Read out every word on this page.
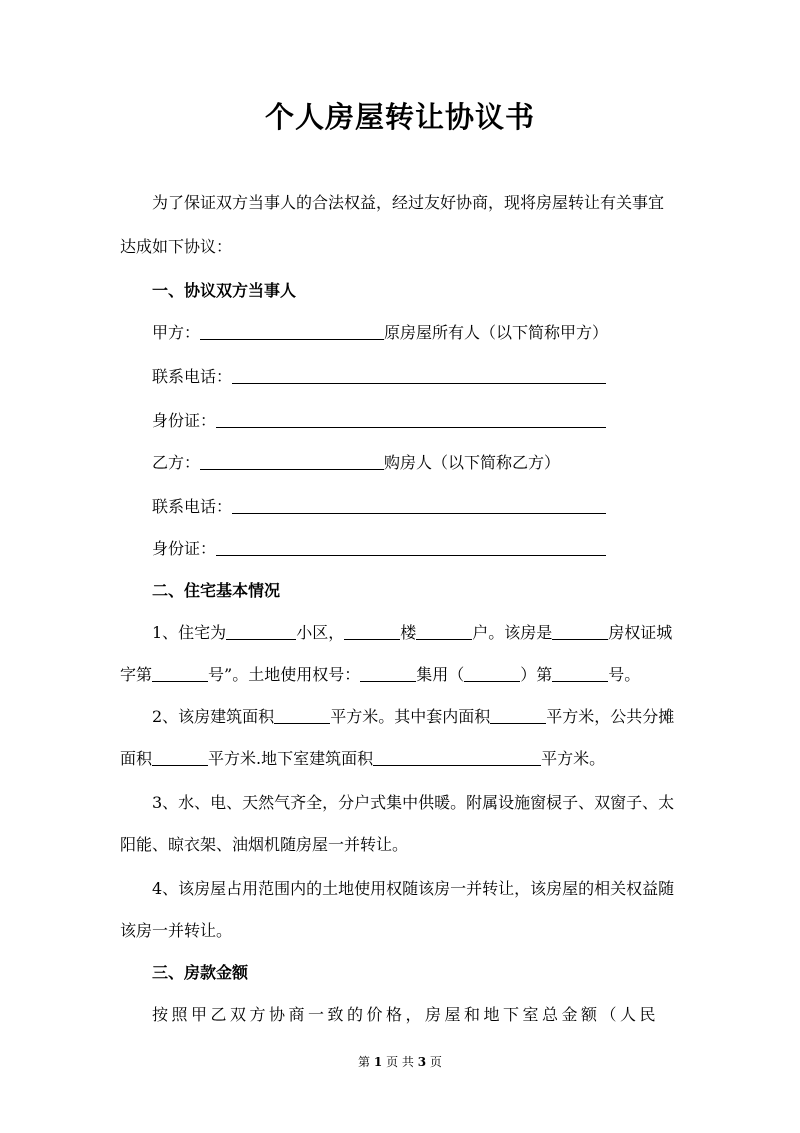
个人房屋转让协议书
为了保证双方当事人的合法权益，经过友好协商，现将房屋转让有关事宜
达成如下协议：
一、协议双方当事人
甲方：	原房屋所有人（以下简称甲方）
联系电话：
身份证：
乙方：	购房人（以下简称乙方）
联系电话：
身份证：
二、住宅基本情况
1、住宅为	小区，	楼	户。该房是	房权证城
字第	号”。土地使用权号：	集用（	）第	号。
2、该房建筑面积	平方米。其中套内面积	平方米，公共分摊
面积	平方米.地下室建筑面积	平方米。
3、水、电、天然气齐全，分户式集中供暖。附属设施窗棂子、双窗子、太
阳能、晾衣架、油烟机随房屋一并转让。
4、该房屋占用范围内的土地使用权随该房一并转让，该房屋的相关权益随
该房一并转让。
三、房款金额
按照甲乙双方协商一致的价格，房屋和地下室总金额（人民
第 1 页 共 3 页
